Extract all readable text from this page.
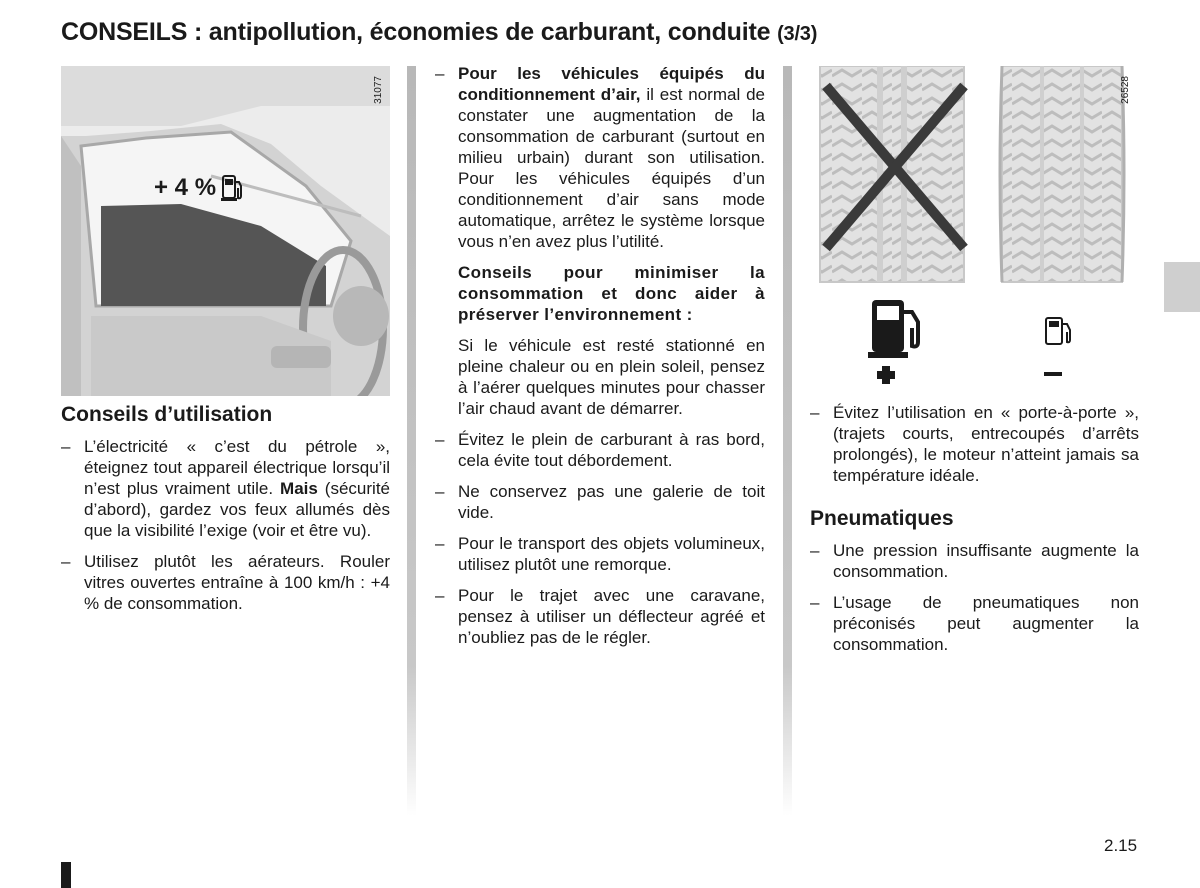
CONSEILS : antipollution, économies de carburant, conduite (3/3)
31077
+ 4 %
Conseils d’utilisation
– L’électricité « c’est du pétrole », éteignez tout appareil électrique lorsqu’il n’est plus vraiment utile. Mais (sécurité d’abord), gardez vos feux allumés dès que la visibilité l’exige (voir et être vu).
– Utilisez plutôt les aérateurs. Rouler vitres ouvertes entraîne à 100 km/h : +4 % de consommation.
– Pour les véhicules équipés du conditionnement d’air, il est normal de constater une augmentation de la consommation de carburant (surtout en milieu urbain) durant son utilisation. Pour les véhicules équipés d’un conditionnement d’air sans mode automatique, arrêtez le système lorsque vous n’en avez plus l’utilité.

Conseils pour minimiser la consommation et donc aider à préserver l’environnement :

Si le véhicule est resté stationné en pleine chaleur ou en plein soleil, pensez à l’aérer quelques minutes pour chasser l’air chaud avant de démarrer.

– Évitez le plein de carburant à ras bord, cela évite tout débordement.
– Ne conservez pas une galerie de toit vide.
– Pour le transport des objets volumineux, utilisez plutôt une remorque.
– Pour le trajet avec une caravane, pensez à utiliser un déflecteur agréé et n’oubliez pas de le régler.
26528
– Évitez l’utilisation en « porte-à-porte », (trajets courts, entrecoupés d’arrêts prolongés), le moteur n’atteint jamais sa température idéale.
Pneumatiques
– Une pression insuffisante augmente la consommation.
– L’usage de pneumatiques non préconisés peut augmenter la consommation.
2.15
